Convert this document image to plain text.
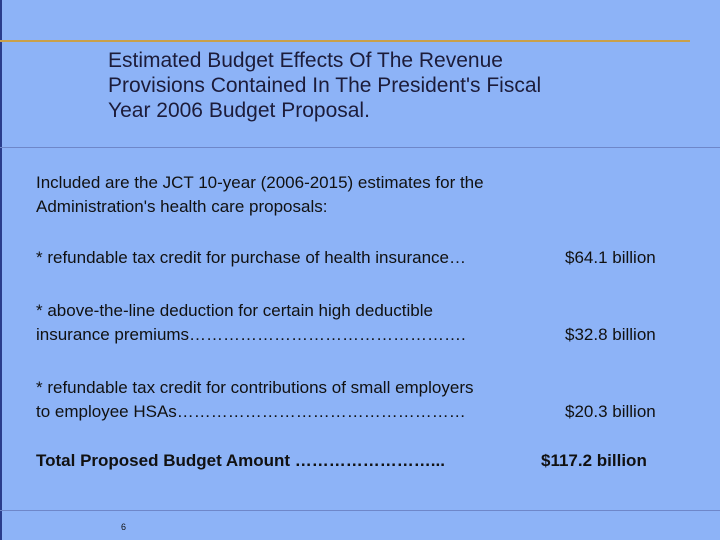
Estimated Budget Effects Of The Revenue
Provisions Contained In The President's Fiscal
Year 2006 Budget Proposal.
Included are the JCT 10-year (2006-2015) estimates for the
Administration's health care proposals:
* refundable tax credit for purchase of health insurance…	$64.1 billion
* above-the-line deduction for certain high deductible
insurance premiums………………………………………….	$32.8 billion
* refundable tax credit for contributions of small employers
to employee HSAs……………………………………………	$20.3 billion
Total Proposed Budget Amount ……………………...	$117.2 billion
6
